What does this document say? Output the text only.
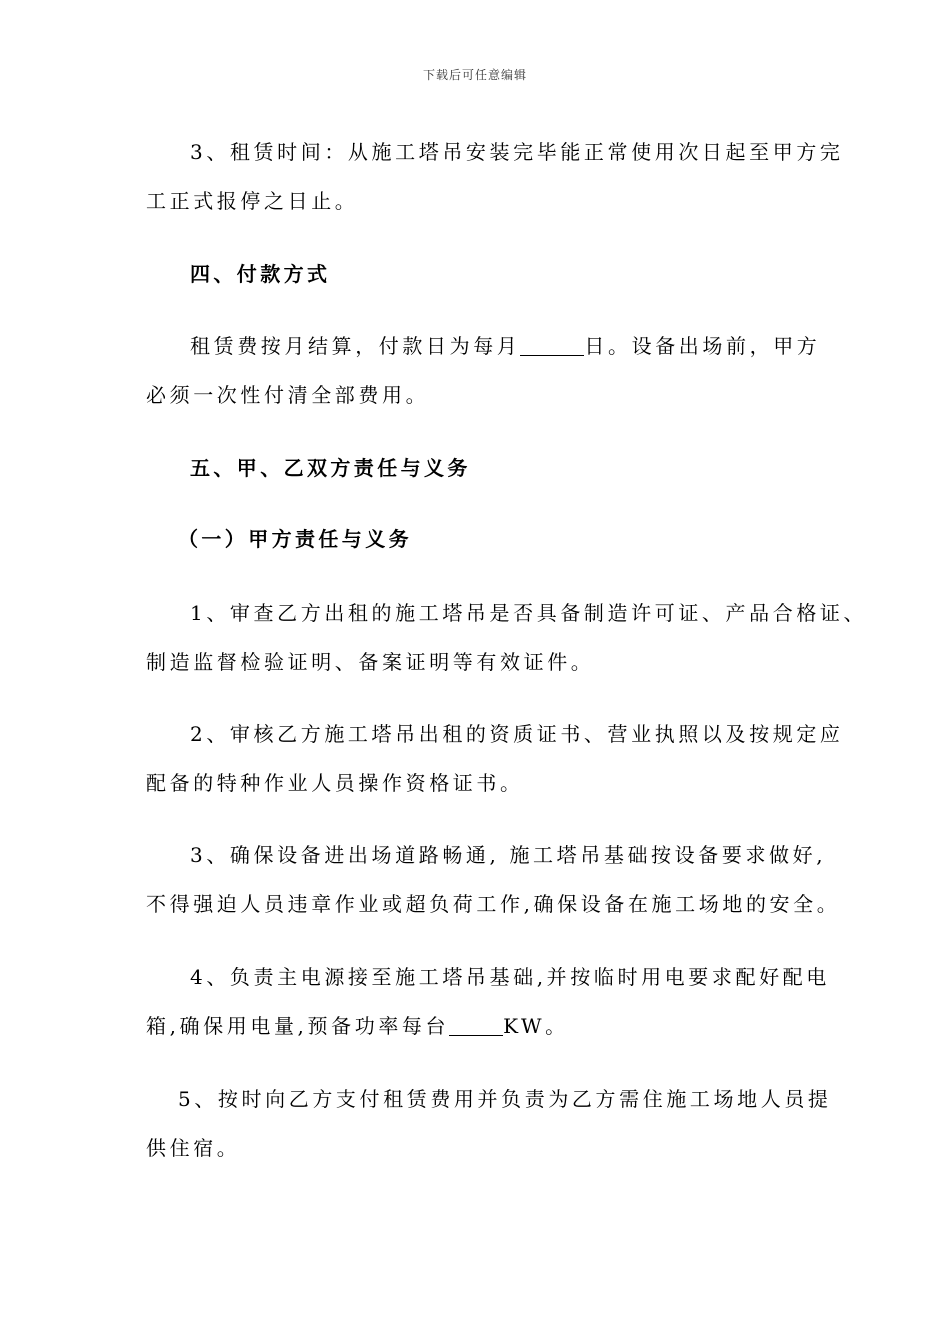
下载后可任意编辑
3、租赁时间：从施工塔吊安装完毕能正常使用次日起至甲方完
工正式报停之日止。
四、付款方式
租赁费按月结算，付款日为每月	日。设备出场前，甲方
必须一次性付清全部费用。
五、甲、乙双方责任与义务
（一）甲方责任与义务
1、审查乙方出租的施工塔吊是否具备制造许可证、产品合格证、
制造监督检验证明、备案证明等有效证件。
2、审核乙方施工塔吊出租的资质证书、营业执照以及按规定应
配备的特种作业人员操作资格证书。
3、确保设备进出场道路畅通, 施工塔吊基础按设备要求做好,
不得强迫人员违章作业或超负荷工作,确保设备在施工场地的安全。
4、负责主电源接至施工塔吊基础,并按临时用电要求配好配电
箱,确保用电量,预备功率每台	KW。
5、按时向乙方支付租赁费用并负责为乙方需住施工场地人员提
供住宿。
